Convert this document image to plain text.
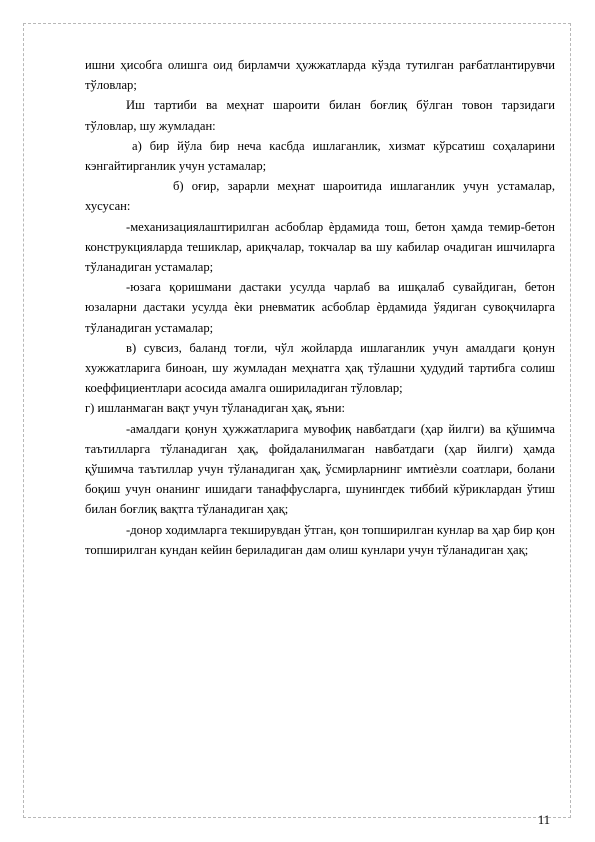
ишни ҳисобга олишга оид бирламчи ҳужжатларда кўзда тутилган рағбатлантирувчи тўловлар;

Иш тартиби ва меҳнат шароити билан боғлиқ бўлган товон тарзидаги тўловлар, шу жумладан:

а) бир йўла бир неча касбда ишлаганлик, хизмат кўрсатиш соҳаларини кэнгайтирганлик учун устамалар;

б) оғир, зарарли меҳнат шароитида ишлаганлик учун устамалар, хусусан:

-механизациялаштирилган асбоблар ѐрдамида тош, бетон ҳамда темир-бетон конструкцияларда тешиклар, ариқчалар, токчалар ва шу кабилар очадиган ишчиларга тўланадиган устамалар;

-юзага қоришмани дастаки усулда чарлаб ва ишқалаб сувайдиган, бетон юзаларни дастаки усулда ѐки рневматик асбоблар ѐрдамида ўядиган сувоқчиларга тўланадиган устамалар;

в) сувсиз, баланд тоғли, чўл жойларда ишлаганлик учун амалдаги қонун хужжатларига биноан, шу жумладан меҳнатга ҳақ тўлашни ҳудудий тартибга солиш коеффициентлари асосида амалга ошириладиган тўловлар;

г) ишланмаган вақт учун тўланадиган ҳақ, яъни:

-амалдаги қонун ҳужжатларига мувофиқ навбатдаги (ҳар йилги) ва қўшимча таътилларга тўланадиган ҳақ, фойдаланилмаган навбатдаги (ҳар йилги) ҳамда қўшимча таътиллар учун тўланадиган ҳақ, ўсмирларнинг имтиѐзли соатлари, болани боқиш учун онанинг ишидаги танаффусларга, шунингдек тиббий кўриклардан ўтиш билан боғлиқ вақтга тўланадиган ҳақ;

-донор ходимларга текширувдан ўтган, қон топширилган кунлар ва ҳар бир қон топширилган кундан кейин бериладиган дам олиш кунлари учун тўланадиган ҳақ;

11
